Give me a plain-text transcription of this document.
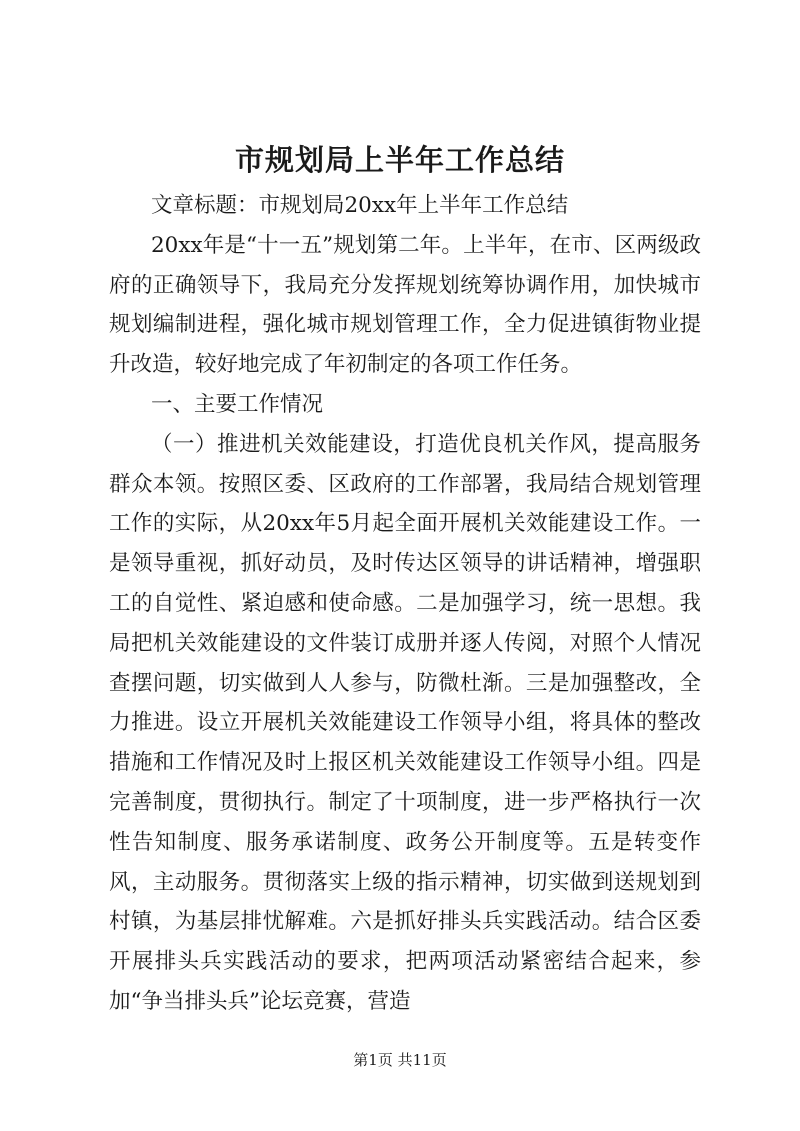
市规划局上半年工作总结

文章标题：市规划局20xx年上半年工作总结

20xx年是“十一五”规划第二年。上半年，在市、区两级政府的正确领导下，我局充分发挥规划统筹协调作用，加快城市规划编制进程，强化城市规划管理工作，全力促进镇街物业提升改造，较好地完成了年初制定的各项工作任务。

一、主要工作情况

（一）推进机关效能建设，打造优良机关作风，提高服务群众本领。按照区委、区政府的工作部署，我局结合规划管理工作的实际，从20xx年5月起全面开展机关效能建设工作。一是领导重视，抓好动员，及时传达区领导的讲话精神，增强职工的自觉性、紧迫感和使命感。二是加强学习，统一思想。我局把机关效能建设的文件装订成册并逐人传阅，对照个人情况查摆问题，切实做到人人参与，防微杜渐。三是加强整改，全力推进。设立开展机关效能建设工作领导小组，将具体的整改措施和工作情况及时上报区机关效能建设工作领导小组。四是完善制度，贯彻执行。制定了十项制度，进一步严格执行一次性告知制度、服务承诺制度、政务公开制度等。五是转变作风，主动服务。贯彻落实上级的指示精神，切实做到送规划到村镇，为基层排忧解难。六是抓好排头兵实践活动。结合区委开展排头兵实践活动的要求，把两项活动紧密结合起来，参加“争当排头兵”论坛竞赛，营造

第1页 共11页
